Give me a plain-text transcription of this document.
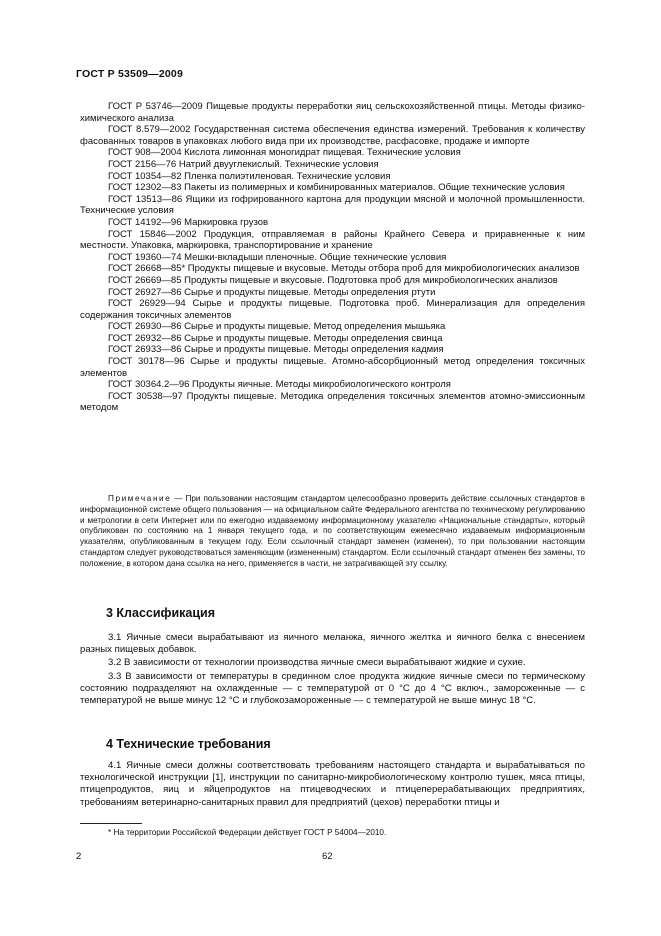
ГОСТ Р 53509—2009

ГОСТ Р 53746—2009 Пищевые продукты переработки яиц сельскохозяйственной птицы. Методы физико-химического анализа

ГОСТ 8.579—2002 Государственная система обеспечения единства измерений. Требования к количеству фасованных товаров в упаковках любого вида при их производстве, расфасовке, продаже и импорте

ГОСТ 908—2004 Кислота лимонная моногидрат пищевая. Технические условия

ГОСТ 2156—76 Натрий двууглекислый. Технические условия

ГОСТ 10354—82 Пленка полиэтиленовая. Технические условия

ГОСТ 12302—83 Пакеты из полимерных и комбинированных материалов. Общие технические условия

ГОСТ 13513—86 Ящики из гофрированного картона для продукции мясной и молочной промышленности. Технические условия

ГОСТ 14192—96 Маркировка грузов

ГОСТ 15846—2002 Продукция, отправляемая в районы Крайнего Севера и приравненные к ним местности. Упаковка, маркировка, транспортирование и хранение

ГОСТ 19360—74 Мешки-вкладыши пленочные. Общие технические условия

ГОСТ 26668—85* Продукты пищевые и вкусовые. Методы отбора проб для микробиологических анализов

ГОСТ 26669—85 Продукты пищевые и вкусовые. Подготовка проб для микробиологических анализов

ГОСТ 26927—86 Сырье и продукты пищевые. Методы определения ртути

ГОСТ 26929—94 Сырье и продукты пищевые. Подготовка проб. Минерализация для определения содержания токсичных элементов

ГОСТ 26930—86 Сырье и продукты пищевые. Метод определения мышьяка

ГОСТ 26932—86 Сырье и продукты пищевые. Методы определения свинца

ГОСТ 26933—86 Сырье и продукты пищевые. Методы определения кадмия

ГОСТ 30178—96 Сырье и продукты пищевые. Атомно-абсорбционный метод определения токсичных элементов

ГОСТ 30364.2—96 Продукты яичные. Методы микробиологического контроля

ГОСТ 30538—97 Продукты пищевые. Методика определения токсичных элементов атомно-эмиссионным методом

Примечание — При пользовании настоящим стандартом целесообразно проверить действие ссылочных стандартов в информационной системе общего пользования — на официальном сайте Федерального агентства по техническому регулированию и метрологии в сети Интернет или по ежегодно издаваемому информационному указателю «Национальные стандарты», который опубликован по состоянию на 1 января текущего года, и по соответствующим ежемесячно издаваемым информационным указателям, опубликованным в текущем году. Если ссылочный стандарт заменен (изменен), то при пользовании настоящим стандартом следует руководствоваться заменяющим (измененным) стандартом. Если ссылочный стандарт отменен без замены, то положение, в котором дана ссылка на него, применяется в части, не затрагивающей эту ссылку.

3 Классификация

3.1 Яичные смеси вырабатывают из яичного меланжа, яичного желтка и яичного белка с внесением разных пищевых добавок.

3.2 В зависимости от технологии производства яичные смеси вырабатывают жидкие и сухие.

3.3 В зависимости от температуры в срединном слое продукта жидкие яичные смеси по термическому состоянию подразделяют на охлажденные — с температурой от 0 °С до 4 °С включ., замороженные — с температурой не выше минус 12 °С и глубокозамороженные — с температурой не выше минус 18 °С.

4 Технические требования

4.1 Яичные смеси должны соответствовать требованиям настоящего стандарта и вырабатываться по технологической инструкции [1], инструкции по санитарно-микробиологическому контролю тушек, мяса птицы, птицепродуктов, яиц и яйцепродуктов на птицеводческих и птицеперерабатывающих предприятиях, требованиям ветеринарно-санитарных правил для предприятий (цехов) переработки птицы и

* На территории Российской Федерации действует ГОСТ Р 54004—2010.
2	62
